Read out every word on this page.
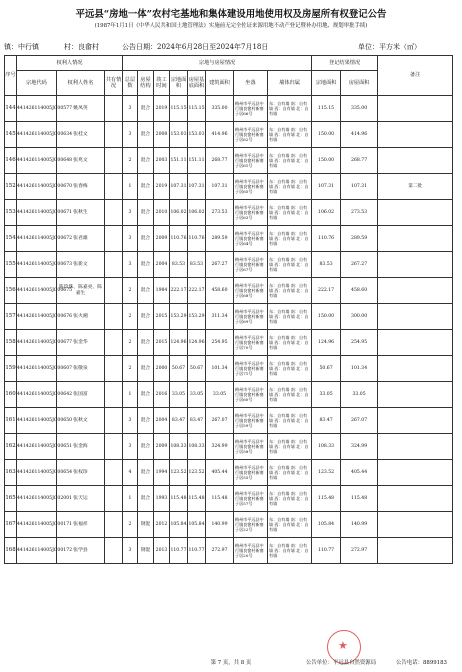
平远县“房地一体”农村宅基地和集体建设用地使用权及房屋所有权登记公告
(1987年1月1日《中华人民共和国土地管理法》实施前无完全佐证来源用地不动产登记暨补办用地、规划审批手续)
镇：中行镇	村：良畲村	公告日期：2024年6月28日至2024年7月18日	单位：平方米（㎡）
序号	权利人情况			宗地与房屋情况								登记结果情况		备注
	宗地代码	权利人姓名	共有情况	总层数	房屋结构	竣工时间	宗地面积	房屋基底面积	建筑面积	坐落	墙体归属	宗地面积	房屋面积	
144	441426114005JC00577	姚凤英		3	混合	2019	115.15	115.15	335.00	梅州市平远县中行镇良畲村新寨子居66号	东：自有墙 南：自有墙 西：自有墙 北：自有墙	115.15	335.00	
145	441426114005JC00634	张桂文		3	混合	2008	153.03	153.03	414.96	梅州市平远县中行镇良畲村新寨子居62号	东：自有墙 南：自有墙 西：自有墙 北：自有墙	150.00	414.96	
146	441426114005JC00648	张兆文		2	混合	2003	151.11	151.11	268.77	梅州市平远县中行镇良畲村新寨子居61号	东：自有墙 南：自有墙 西：自有墙 北：自有墙	150.00	268.77	
152	441426114005JC00670	张春梅		1	混合	2019	107.31	107.31	107.31	梅州市平远县中行镇良畲村新寨子居65号	东：自有墙 南：自有墙 西：自有墙 北：自有墙	107.31	107.31	第二批
153	441426114005JC00671	张秋生		3	混合	2010	106.02	106.02	273.53	梅州市平远县中行镇良畲村新寨子居63号	东：自有墙 南：自有墙 西：自有墙 北：自有墙	106.02	273.53	
154	441426114005JC00672	张君雄		3	混合	2009	110.76	110.76	289.59	梅州市平远县中行镇良畲村新寨子居64号	东：自有墙 南：自有墙 西：自有墙 北：自有墙	110.76	289.59	
155	441426114005JC00673	张新文		3	混合	2004	83.53	83.53	267.27	梅州市平远县中行镇良畲村新寨子居67号	东：自有墙 南：自有墙 西：自有墙 北：自有墙	83.53	267.27	
156	441426114005JC00675	陈玖珠、陈嘉亮、陈嘉生		2	混合	1984	222.17	222.17	458.60	梅州市平远县中行镇良畲村新寨子居68号	东：自有墙 南：自有墙 西：自有墙 北：自有墙	222.17	458.60	
157	441426114005JC00676	张火湘		2	混合	2015	153.29	153.29	311.34	梅州市平远县中行镇良畲村新寨子居69号	东：自有墙 南：自有墙 西：自有墙 北：自有墙	150.00	300.00	
158	441426114005JC00677	张金华		2	混合	2015	124.96	124.96	254.95	梅州市平远县中行镇良畲村新寨子居70号	东：自有墙 南：自有墙 西：自有墙 北：自有墙	124.96	254.95	
159	441426114005JC00607	张敬泉		2	混合	2000	50.67	50.67	101.34	梅州市平远县中行镇良畲村新寨子居71号	东：自有墙 南：自有墙 西：自有墙 北：自有墙	50.67	101.34	
160	441426114005JC00642	张国富		1	混合	2016	33.05	33.05	33.05	梅州市平远县中行镇良畲村新寨子居60号	东：自有墙 南：自有墙 西：自有墙 北：自有墙	33.05	33.05	
161	441426114005JC00650	张秋文		3	混合	2004	83.47	83.47	267.07	梅州市平远县中行镇良畲村新寨子居59号	东：自有墙 南：自有墙 西：自有墙 北：自有墙	83.47	267.07	
162	441426114005JC00651	张金海		3	混合	2009	108.33	108.33	324.99	梅州市平远县中行镇良畲村新寨子居58号	东：自有墙 南：自有墙 西：自有墙 北：自有墙	108.33	324.99	
163	441426114005JC00654	张权珍		4	混合	1994	123.52	123.52	405.44	梅州市平远县中行镇良畲村新寨子居55号	东：自有墙 南：自有墙 西：自有墙 北：自有墙	123.52	405.44	
165	441426114005JC02001	张天运		1	混合	1993	115.48	115.48	115.48	梅州市平远县中行镇良畲村新寨子居57号	东：自有墙 南：自有墙 西：自有墙 北：自有墙	115.48	115.48	
167	441426114005JC00171	张福祥		2	钢混	2012	105.84	105.84	140.99	梅州市平远县中行镇良畲村新寨子居22号	东：自有墙 南：自有墙 西：自有墙 北：自有墙	105.84	140.99	
168	441426114005JC00172	张学县		3	钢混	2013	110.77	110.77	272.97	梅州市平远县中行镇良畲村新寨子居20号	东：自有墙 南：自有墙 西：自有墙 北：自有墙	110.77	272.97	
★
第 7 页，共 8 页	公告单位：平远县自然资源局	公告电话：8899183
